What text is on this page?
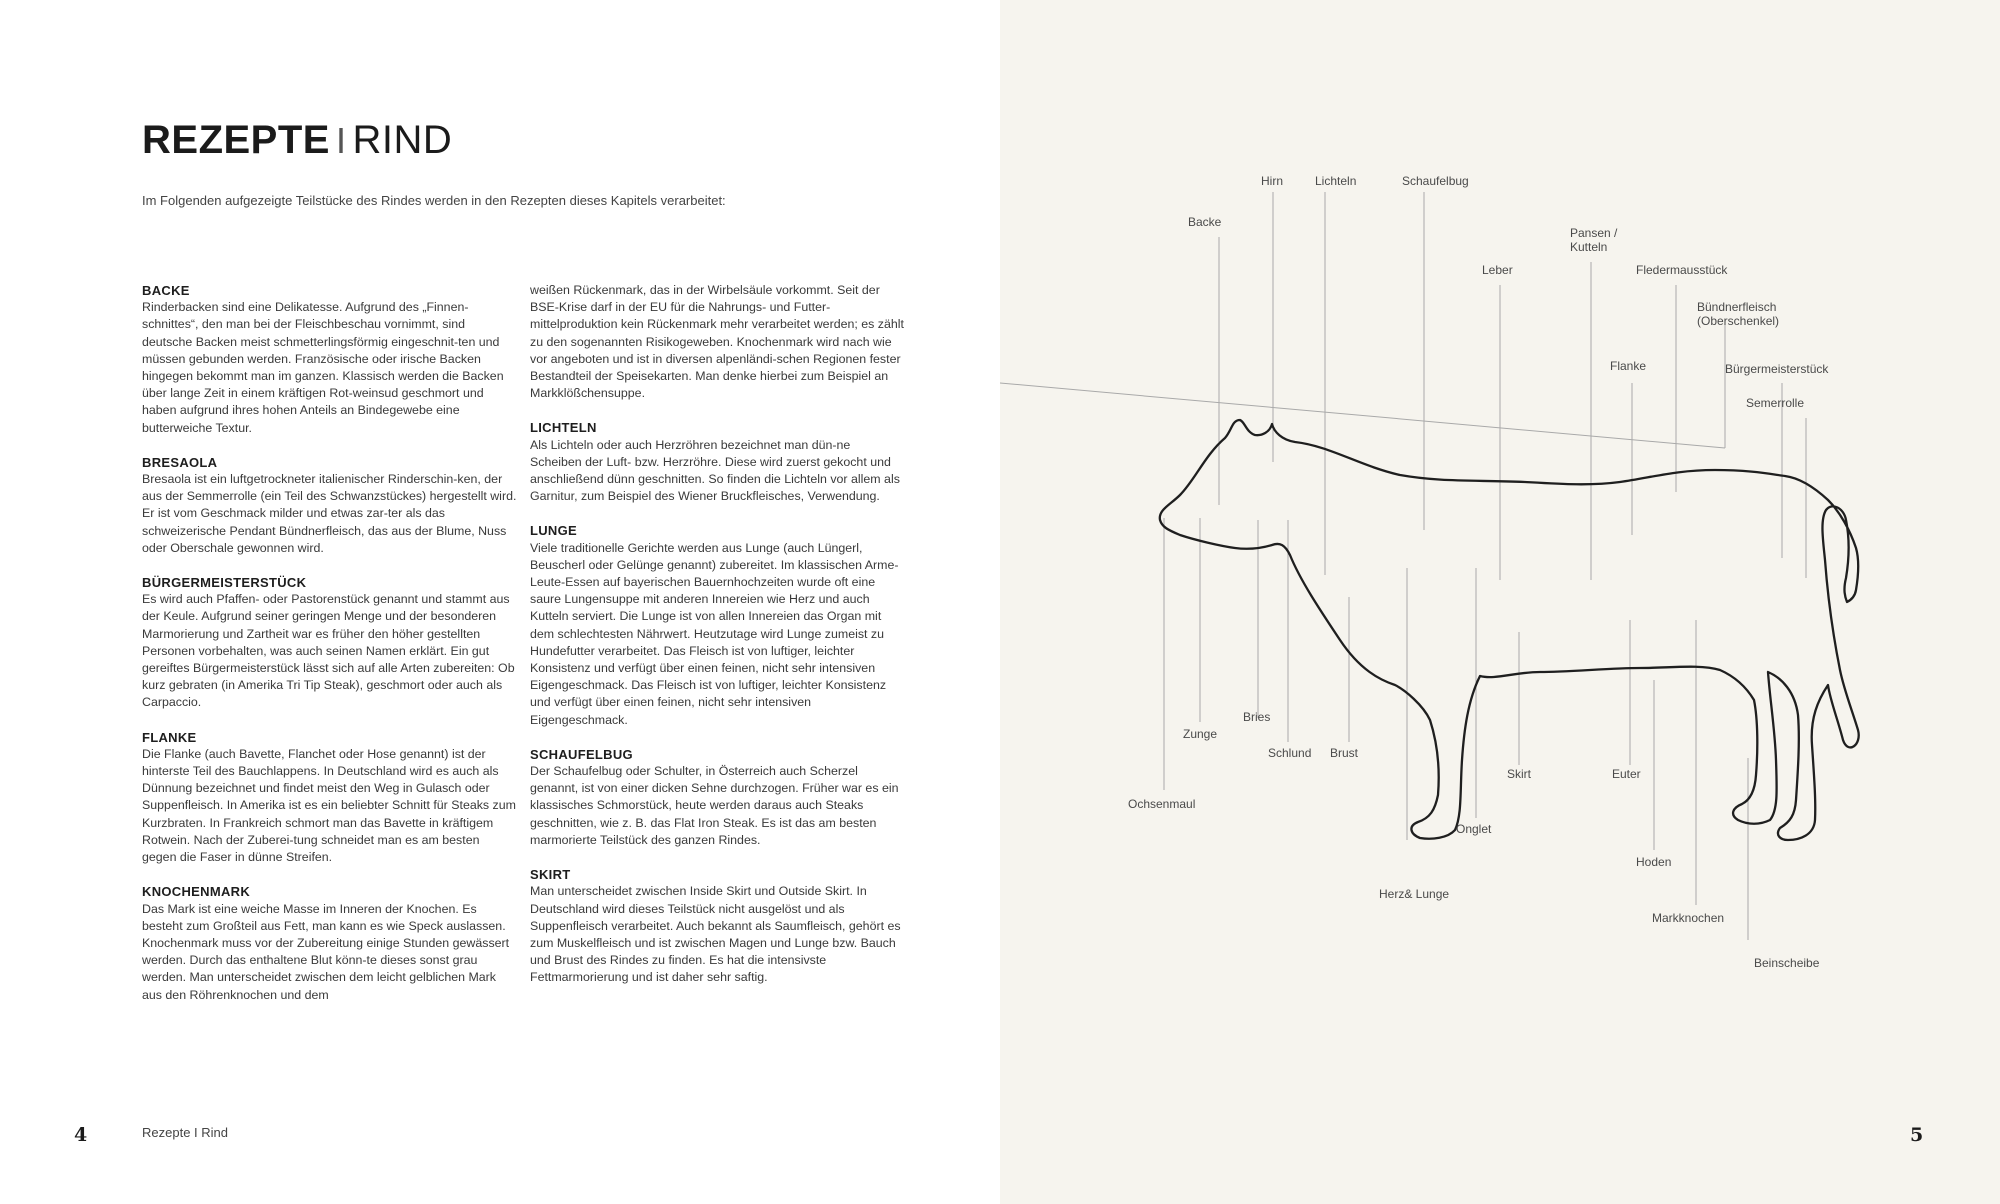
REZEPTE I RIND

Im Folgenden aufgezeigte Teilstücke des Rindes werden in den Rezepten dieses Kapitels verarbeitet:

BACKE

Rinderbacken sind eine Delikatesse. Aufgrund des „Finnen-schnittes“, den man bei der Fleischbeschau vornimmt, sind deutsche Backen meist schmetterlingsförmig eingeschnit-ten und müssen gebunden werden. Französische oder irische Backen hingegen bekommt man im ganzen. Klassisch werden die Backen über lange Zeit in einem kräftigen Rot-weinsud geschmort und haben aufgrund ihres hohen Anteils an Bindegewebe eine butterweiche Textur.

BRESAOLA

Bresaola ist ein luftgetrockneter italienischer Rinderschin-ken, der aus der Semmerrolle (ein Teil des Schwanzstückes) hergestellt wird. Er ist vom Geschmack milder und etwas zar-ter als das schweizerische Pendant Bündnerfleisch, das aus der Blume, Nuss oder Oberschale gewonnen wird.

BÜRGERMEISTERSTÜCK

Es wird auch Pfaffen- oder Pastorenstück genannt und stammt aus der Keule. Aufgrund seiner geringen Menge und der besonderen Marmorierung und Zartheit war es früher den höher gestellten Personen vorbehalten, was auch seinen Namen erklärt. Ein gut gereiftes Bürgermeisterstück lässt sich auf alle Arten zubereiten: Ob kurz gebraten (in Amerika Tri Tip Steak), geschmort oder auch als Carpaccio.

FLANKE

Die Flanke (auch Bavette, Flanchet oder Hose genannt) ist der hinterste Teil des Bauchlappens. In Deutschland wird es auch als Dünnung bezeichnet und findet meist den Weg in Gulasch oder Suppenfleisch. In Amerika ist es ein beliebter Schnitt für Steaks zum Kurzbraten. In Frankreich schmort man das Bavette in kräftigem Rotwein. Nach der Zuberei-tung schneidet man es am besten gegen die Faser in dünne Streifen.

KNOCHENMARK

Das Mark ist eine weiche Masse im Inneren der Knochen. Es besteht zum Großteil aus Fett, man kann es wie Speck auslassen. Knochenmark muss vor der Zubereitung einige Stunden gewässert werden. Durch das enthaltene Blut könn-te dieses sonst grau werden. Man unterscheidet zwischen dem leicht gelblichen Mark aus den Röhrenknochen und dem

weißen Rückenmark, das in der Wirbelsäule vorkommt. Seit der BSE-Krise darf in der EU für die Nahrungs- und Futter-mittelproduktion kein Rückenmark mehr verarbeitet werden; es zählt zu den sogenannten Risikogeweben. Knochenmark wird nach wie vor angeboten und ist in diversen alpenländi-schen Regionen fester Bestandteil der Speisekarten. Man denke hierbei zum Beispiel an Markklößchensuppe.

LICHTELN

Als Lichteln oder auch Herzröhren bezeichnet man dün-ne Scheiben der Luft- bzw. Herzröhre. Diese wird zuerst gekocht und anschließend dünn geschnitten. So finden die Lichteln vor allem als Garnitur, zum Beispiel des Wiener Bruckfleisches, Verwendung.

LUNGE

Viele traditionelle Gerichte werden aus Lunge (auch Lüngerl, Beuscherl oder Gelünge genannt) zubereitet. Im klassischen Arme-Leute-Essen auf bayerischen Bauernhochzeiten wurde oft eine saure Lungensuppe mit anderen Innereien wie Herz und auch Kutteln serviert. Die Lunge ist von allen Innereien das Organ mit dem schlechtesten Nährwert. Heutzutage wird Lunge zumeist zu Hundefutter verarbeitet. Das Fleisch ist von luftiger, leichter Konsistenz und verfügt über einen feinen, nicht sehr intensiven Eigengeschmack. Das Fleisch ist von luftiger, leichter Konsistenz und verfügt über einen feinen, nicht sehr intensiven Eigengeschmack.

SCHAUFELBUG

Der Schaufelbug oder Schulter, in Österreich auch Scherzel genannt, ist von einer dicken Sehne durchzogen. Früher war es ein klassisches Schmorstück, heute werden daraus auch Steaks geschnitten, wie z. B. das Flat Iron Steak. Es ist das am besten marmorierte Teilstück des ganzen Rindes.

SKIRT

Man unterscheidet zwischen Inside Skirt und Outside Skirt. In Deutschland wird dieses Teilstück nicht ausgelöst und als Suppenfleisch verarbeitet. Auch bekannt als Saumfleisch, gehört es zum Muskelfleisch und ist zwischen Magen und Lunge bzw. Bauch und Brust des Rindes zu finden. Es hat die intensivste Fettmarmorierung und ist daher sehr saftig.

4	Rezepte I Rind
Hirn	Lichteln	Schaufelbug
Backe
Pansen /
Kutteln
Leber	Fledermausstück
Bündnerfleisch
(Oberschenkel)
Flanke	Bürgermeisterstück
Semerrolle
Bries
Zunge
Schlund Brust
Skirt	Euter
Ochsenmaul
Onglet
Hoden
Herz& Lunge
Markknochen
Beinscheibe
5
